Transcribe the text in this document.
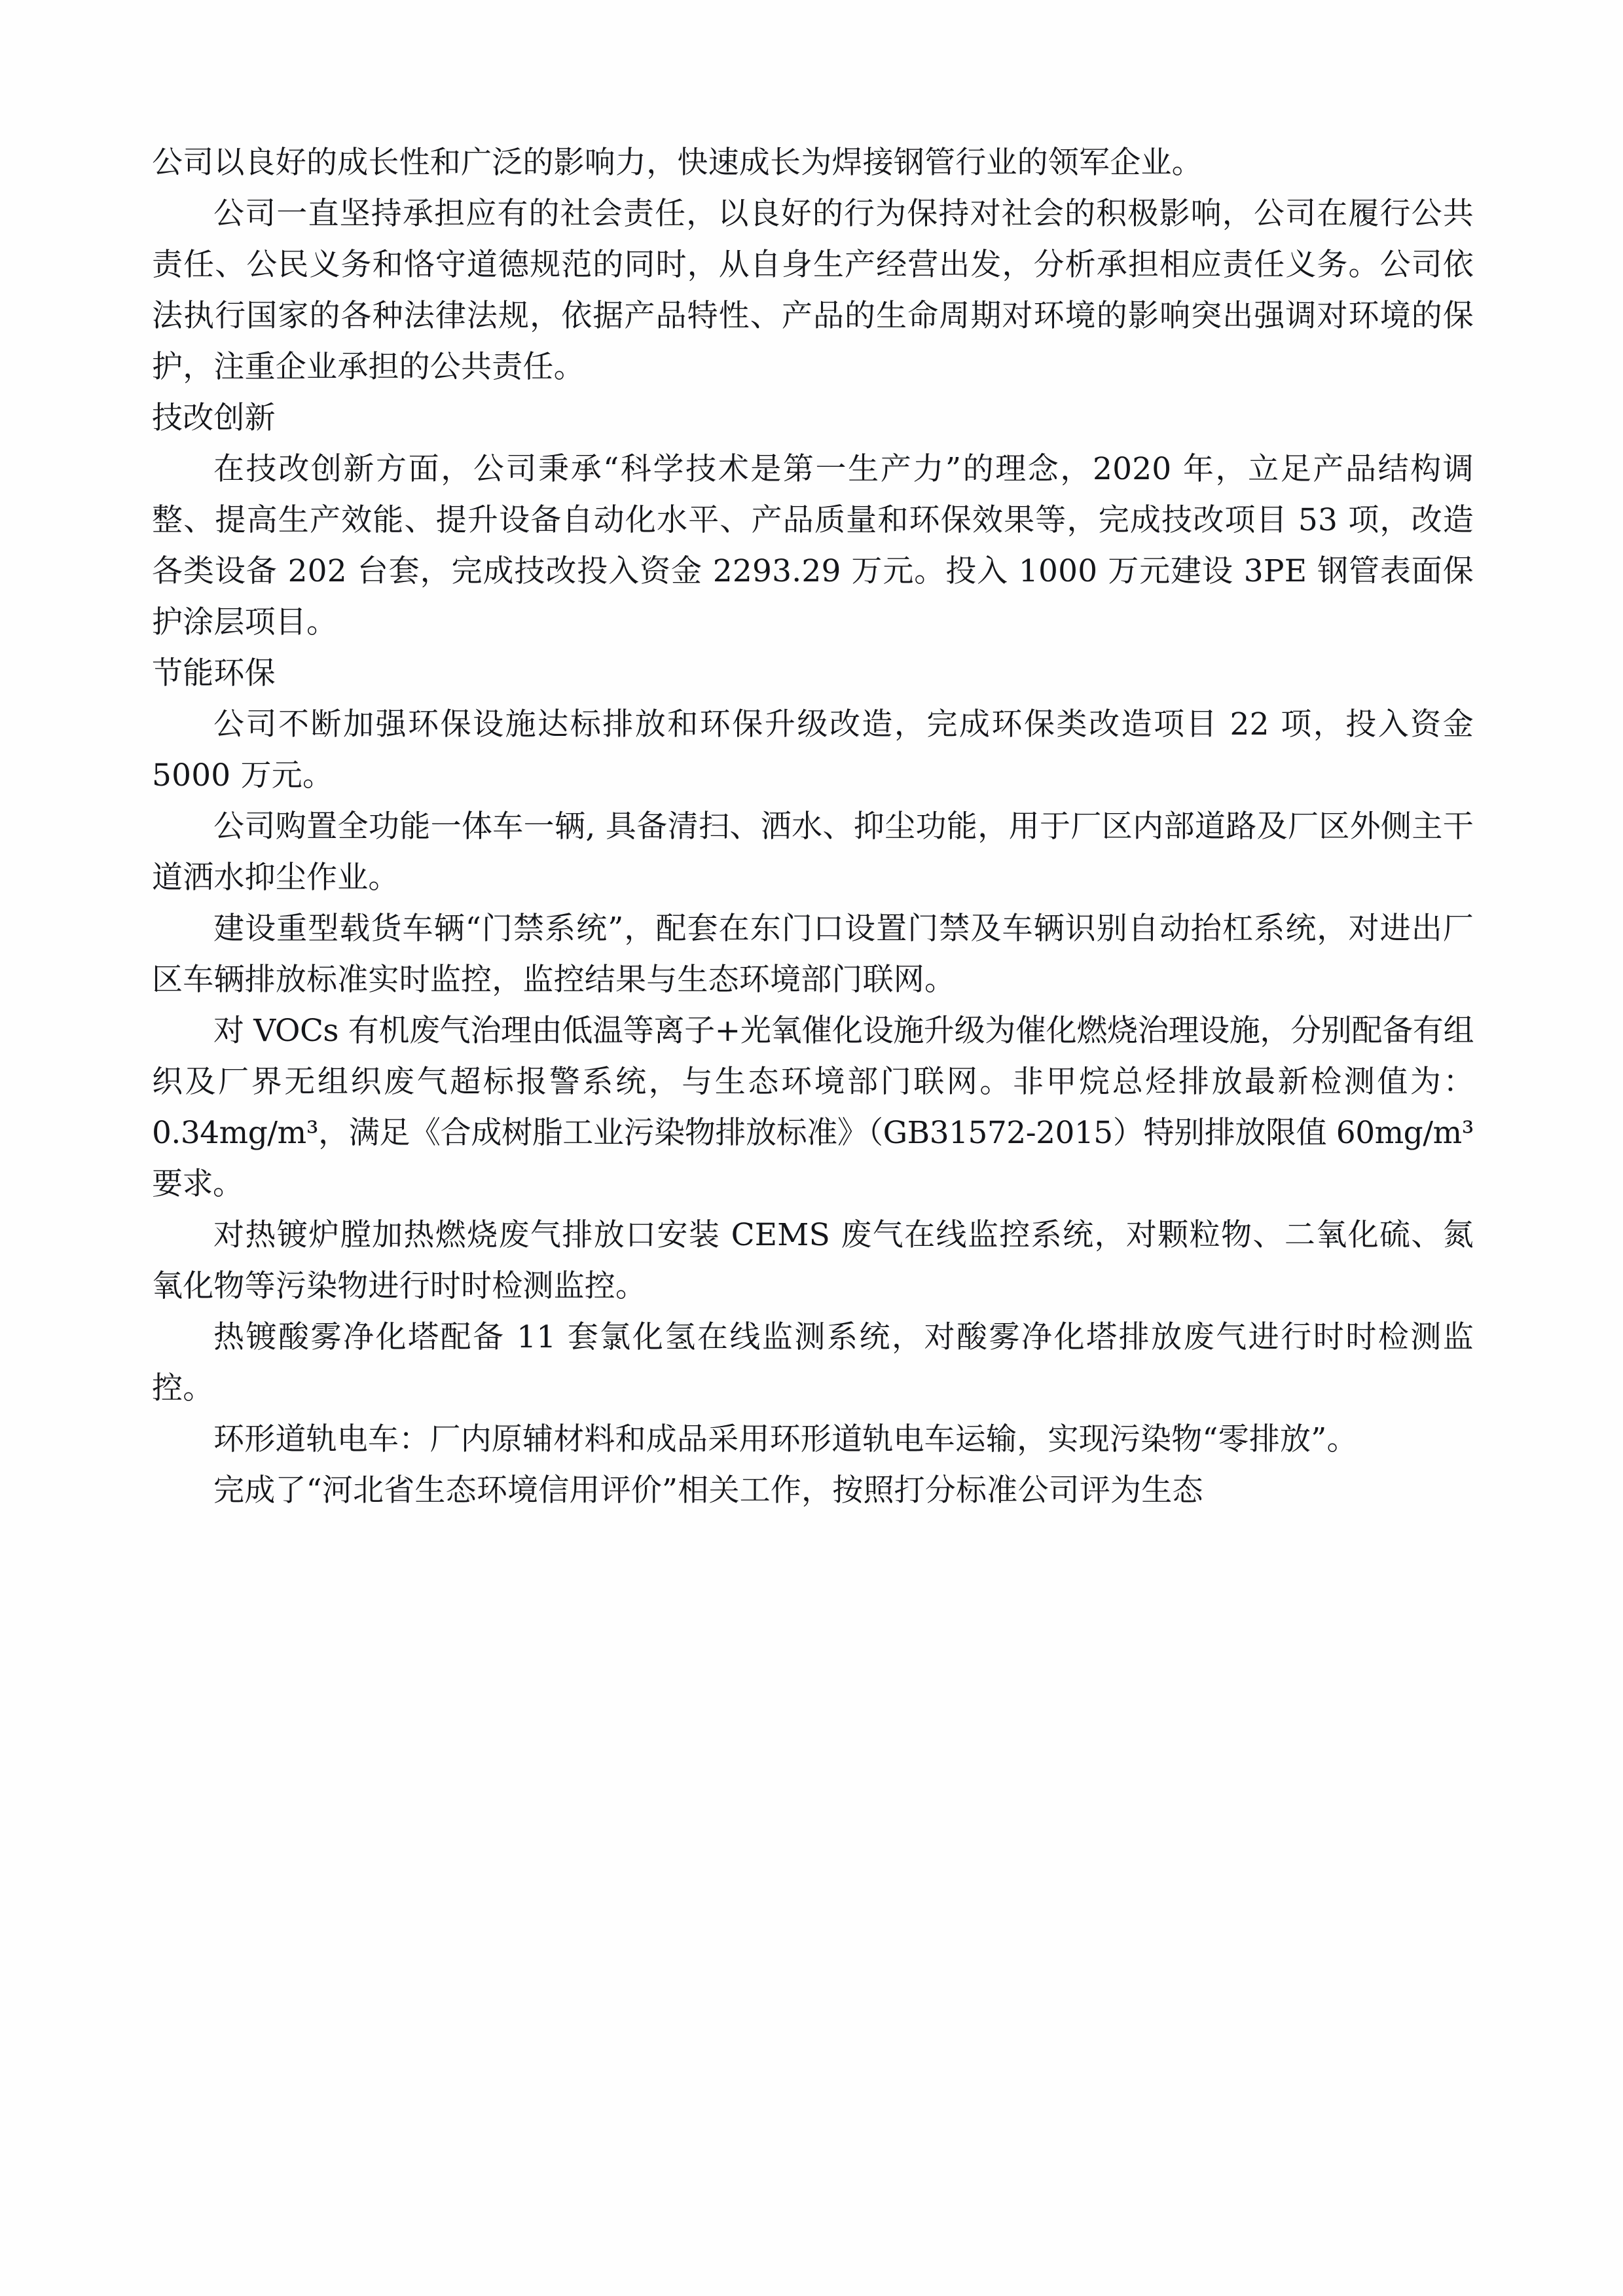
公司以良好的成长性和广泛的影响力，快速成长为焊接钢管行业的领军企业。

公司一直坚持承担应有的社会责任，以良好的行为保持对社会的积极影响，公司在履行公共责任、公民义务和恪守道德规范的同时，从自身生产经营出发，分析承担相应责任义务。公司依法执行国家的各种法律法规，依据产品特性、产品的生命周期对环境的影响突出强调对环境的保护，注重企业承担的公共责任。

技改创新

在技改创新方面，公司秉承“科学技术是第一生产力”的理念，2020 年，立足产品结构调整、提高生产效能、提升设备自动化水平、产品质量和环保效果等，完成技改项目 53 项，改造各类设备 202 台套，完成技改投入资金 2293.29 万元。投入 1000 万元建设 3PE 钢管表面保护涂层项目。

节能环保

公司不断加强环保设施达标排放和环保升级改造，完成环保类改造项目 22 项，投入资金 5000 万元。

公司购置全功能一体车一辆, 具备清扫、洒水、抑尘功能，用于厂区内部道路及厂区外侧主干道洒水抑尘作业。

建设重型载货车辆“门禁系统”，配套在东门口设置门禁及车辆识别自动抬杠系统，对进出厂区车辆排放标准实时监控，监控结果与生态环境部门联网。

对 VOCs 有机废气治理由低温等离子+光氧催化设施升级为催化燃烧治理设施，分别配备有组织及厂界无组织废气超标报警系统，与生态环境部门联网。非甲烷总烃排放最新检测值为：0.34mg/m³，满足《合成树脂工业污染物排放标准》（GB31572-2015）特别排放限值 60mg/m³ 要求。

对热镀炉膛加热燃烧废气排放口安装 CEMS 废气在线监控系统，对颗粒物、二氧化硫、氮氧化物等污染物进行时时检测监控。

热镀酸雾净化塔配备 11 套氯化氢在线监测系统，对酸雾净化塔排放废气进行时时检测监控。

环形道轨电车：厂内原辅材料和成品采用环形道轨电车运输，实现污染物“零排放”。

完成了“河北省生态环境信用评价”相关工作，按照打分标准公司评为生态
